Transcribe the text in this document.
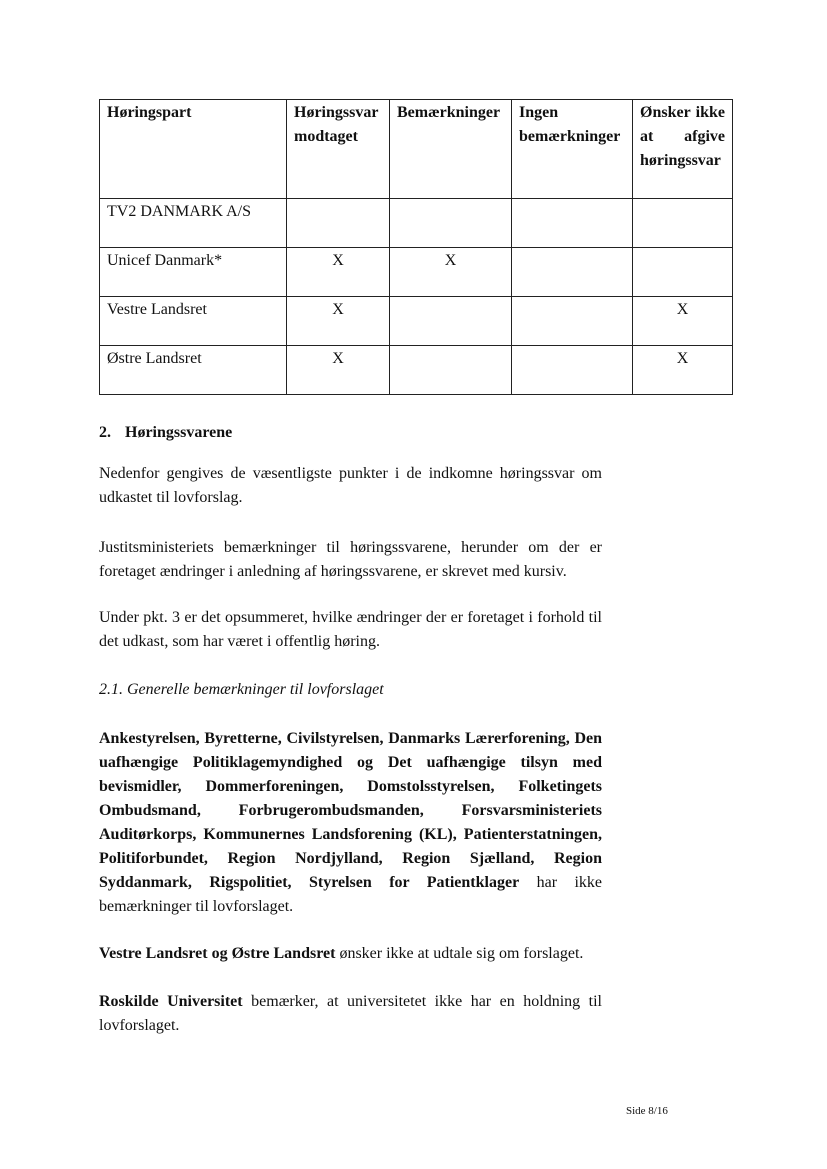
Høringspart	Høringssvar modtaget	Bemærkninger	Ingen bemærkninger	Ønsker ikke at afgive høringssvar

TV2 DANMARK A/S				
Unicef Danmark*	X	X		
Vestre Landsret	X			X
Østre Landsret	X			X
2. Høringssvarene

Nedenfor gengives de væsentligste punkter i de indkomne høringssvar om udkastet til lovforslag.

Justitsministeriets bemærkninger til høringssvarene, herunder om der er foretaget ændringer i anledning af høringssvarene, er skrevet med kursiv.

Under pkt. 3 er det opsummeret, hvilke ændringer der er foretaget i forhold til det udkast, som har været i offentlig høring.

2.1. Generelle bemærkninger til lovforslaget

Ankestyrelsen, Byretterne, Civilstyrelsen, Danmarks Lærerforening, Den uafhængige Politiklagemyndighed og Det uafhængige tilsyn med bevismidler, Dommerforeningen, Domstolsstyrelsen, Folketingets Ombudsmand, Forbrugerombudsmanden, Forsvarsministeriets Auditørkorps, Kommunernes Landsforening (KL), Patienterstatningen, Politiforbundet, Region Nordjylland, Region Sjælland, Region Syddanmark, Rigspolitiet, Styrelsen for Patientklager har ikke bemærkninger til lovforslaget.

Vestre Landsret og Østre Landsret ønsker ikke at udtale sig om forslaget.

Roskilde Universitet bemærker, at universitetet ikke har en holdning til lovforslaget.

Side 8/16
